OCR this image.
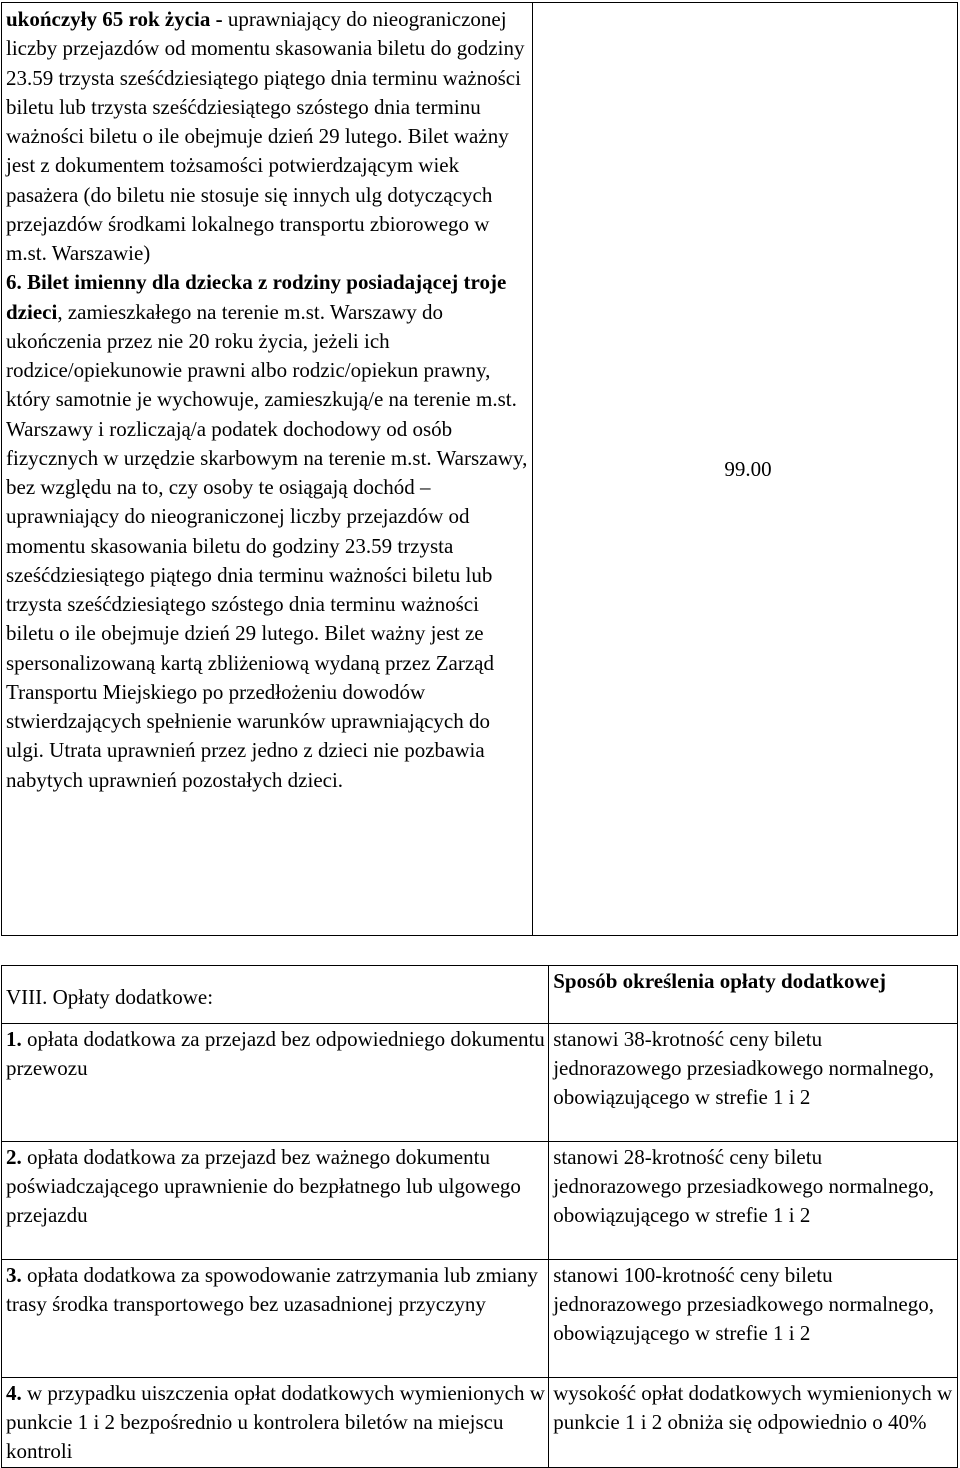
ukończyły 65 rok życia - uprawniający do nieograniczonej liczby przejazdów od momentu skasowania biletu do godziny 23.59 trzysta sześćdziesiątego piątego dnia terminu ważności biletu lub trzysta sześćdziesiątego szóstego dnia terminu ważności biletu o ile obejmuje dzień 29 lutego. Bilet ważny jest z dokumentem tożsamości potwierdzającym wiek pasażera (do biletu nie stosuje się innych ulg dotyczących przejazdów środkami lokalnego transportu zbiorowego w m.st. Warszawie)
6. Bilet imienny dla dziecka z rodziny posiadającej troje dzieci, zamieszkałego na terenie m.st. Warszawy do ukończenia przez nie 20 roku życia, jeżeli ich rodzice/opiekunowie prawni albo rodzic/opiekun prawny, który samotnie je wychowuje, zamieszkują/e na terenie m.st. Warszawy i rozliczają/a podatek dochodowy od osób fizycznych w urzędzie skarbowym na terenie m.st. Warszawy, bez względu na to, czy osoby te osiągają dochód – uprawniający do nieograniczonej liczby przejazdów od momentu skasowania biletu do godziny 23.59 trzysta sześćdziesiątego piątego dnia terminu ważności biletu lub trzysta sześćdziesiątego szóstego dnia terminu ważności biletu o ile obejmuje dzień 29 lutego. Bilet ważny jest ze spersonalizowaną kartą zbliżeniową wydaną przez Zarząd Transportu Miejskiego po przedłożeniu dowodów stwierdzających spełnienie warunków uprawniających do ulgi. Utrata uprawnień przez jedno z dzieci nie pozbawia nabytych uprawnień pozostałych dzieci.
	99.00
VIII. Opłaty dodatkowe:	Sposób określenia opłaty dodatkowej

1. opłata dodatkowa za przejazd bez odpowiedniego dokumentu przewozu	stanowi 38-krotność ceny biletu jednorazowego przesiadkowego normalnego, obowiązującego w strefie 1 i 2

2. opłata dodatkowa za przejazd bez ważnego dokumentu poświadczającego uprawnienie do bezpłatnego lub ulgowego przejazdu	stanowi 28-krotność ceny biletu jednorazowego przesiadkowego normalnego, obowiązującego w strefie 1 i 2

3. opłata dodatkowa za spowodowanie zatrzymania lub zmiany trasy środka transportowego bez uzasadnionej przyczyny	stanowi 100-krotność ceny biletu jednorazowego przesiadkowego normalnego, obowiązującego w strefie 1 i 2

4. w przypadku uiszczenia opłat dodatkowych wymienionych w punkcie 1 i 2 bezpośrednio u kontrolera biletów na miejscu kontroli	wysokość opłat dodatkowych wymienionych w punkcie 1 i 2 obniża się odpowiednio o 40%
